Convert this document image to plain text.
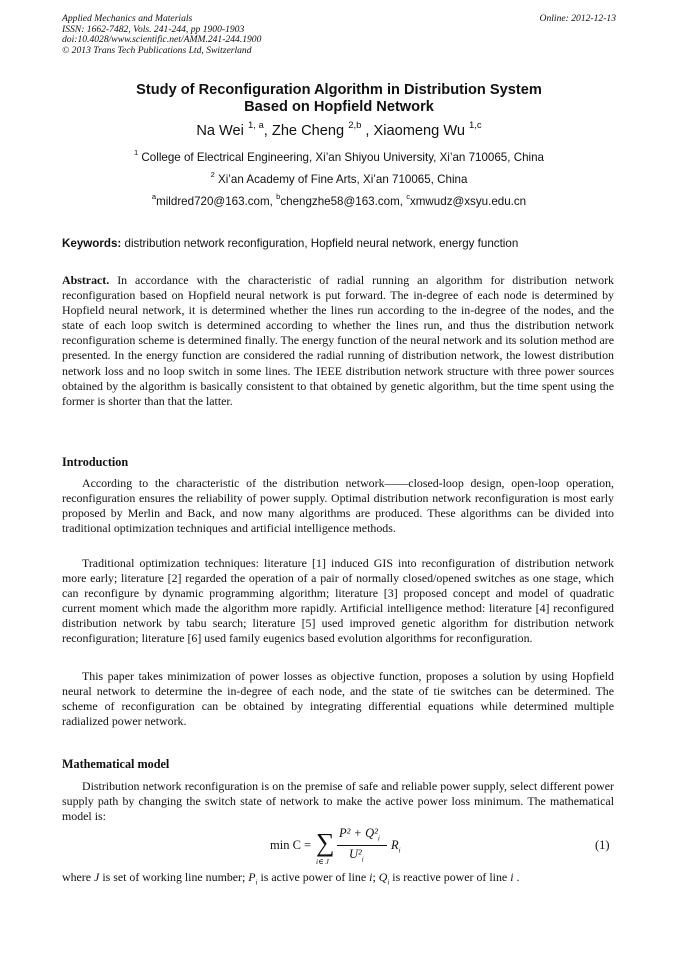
Applied Mechanics and Materials
ISSN: 1662-7482, Vols. 241-244, pp 1900-1903
doi:10.4028/www.scientific.net/AMM.241-244.1900
© 2013 Trans Tech Publications Ltd, Switzerland
Online: 2012-12-13
Study of Reconfiguration Algorithm in Distribution System
Based on Hopfield Network
Na Wei $^{1, a}$, Zhe Cheng $^{2,b}$ , Xiaomeng Wu $^{1,c}$
$^1$ College of Electrical Engineering, Xi’an Shiyou University, Xi’an 710065, China
$^2$ Xi’an Academy of Fine Arts, Xi’an 710065, China
$^a$mildred720@163.com, $^b$chengzhe58@163.com, $^c$xmwudz@xsyu.edu.cn
Keywords: distribution network reconfiguration, Hopfield neural network, energy function

Abstract. In accordance with the characteristic of radial running an algorithm for distribution network reconfiguration based on Hopfield neural network is put forward. The in-degree of each node is determined by Hopfield neural network, it is determined whether the lines run according to the in-degree of the nodes, and the state of each loop switch is determined according to whether the lines run, and thus the distribution network reconfiguration scheme is determined finally. The energy function of the neural network and its solution method are presented. In the energy function are considered the radial running of distribution network, the lowest distribution network loss and no loop switch in some lines. The IEEE distribution network structure with three power sources obtained by the algorithm is basically consistent to that obtained by genetic algorithm, but the time spent using the former is shorter than that the latter.

Introduction

According to the characteristic of the distribution network——closed-loop design, open-loop operation, reconfiguration ensures the reliability of power supply. Optimal distribution network reconfiguration is most early proposed by Merlin and Back, and now many algorithms are produced. These algorithms can be divided into traditional optimization techniques and artificial intelligence methods.

Traditional optimization techniques: literature [1] induced GIS into reconfiguration of distribution network more early; literature [2] regarded the operation of a pair of normally closed/opened switches as one stage, which can reconfigure by dynamic programming algorithm; literature [3] proposed concept and model of quadratic current moment which made the algorithm more rapidly. Artificial intelligence method: literature [4] reconfigured distribution network by tabu search; literature [5] used improved genetic algorithm for distribution network reconfiguration; literature [6] used family eugenics based evolution algorithms for reconfiguration.

This paper takes minimization of power losses as objective function, proposes a solution by using Hopfield neural network to determine the in-degree of each node, and the state of tie switches can be determined. The scheme of reconfiguration can be obtained by integrating differential equations while determined multiple radialized power network.

Mathematical model

Distribution network reconfiguration is on the premise of safe and reliable power supply, select different power supply path by changing the switch state of network to make the active power loss minimum. The mathematical model is:

min C = ∑
i∈ J
$P^2 + Q^2_i$
$U^2_i$
$R_i$	(1)

where J is set of working line number; $P_i$ is active power of line i; $Q_i$ is reactive power of line i .
